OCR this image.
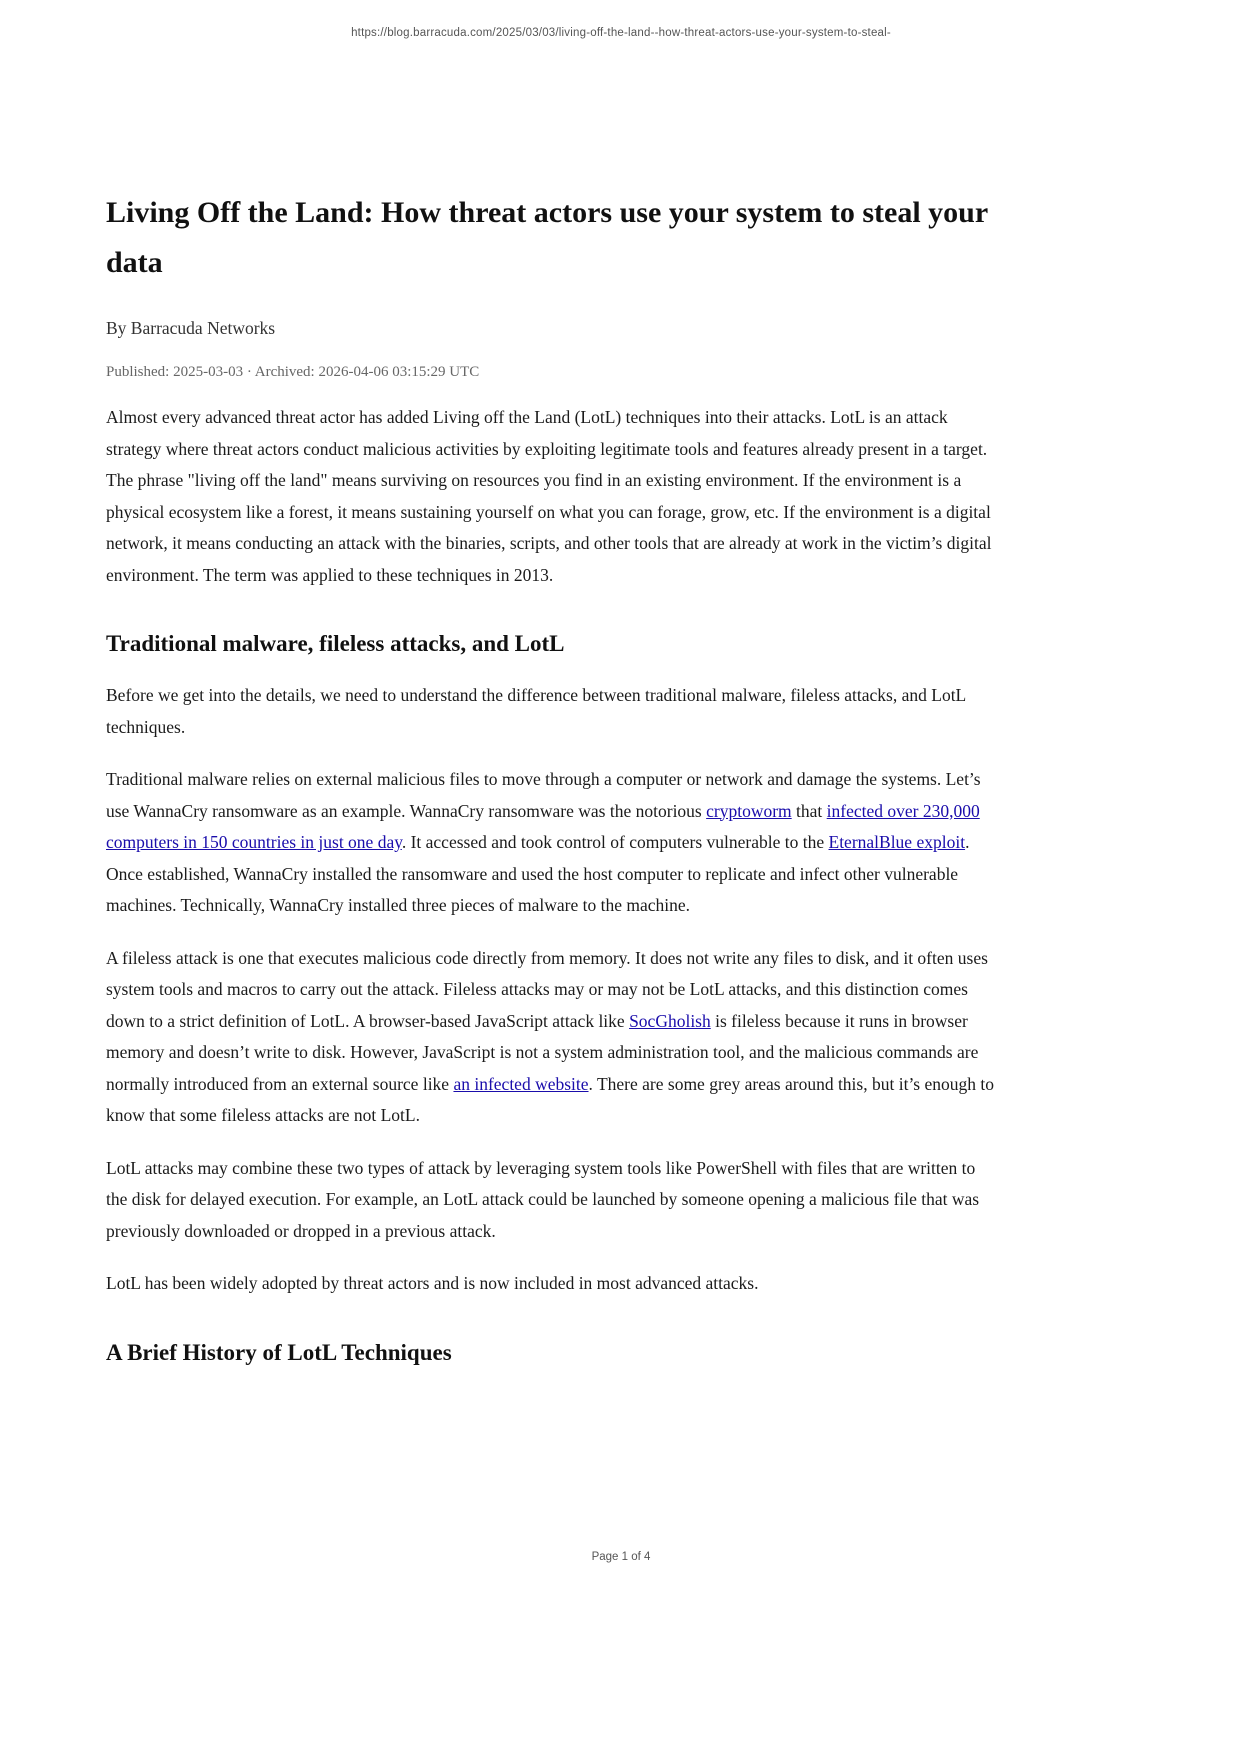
https://blog.barracuda.com/2025/03/03/living-off-the-land--how-threat-actors-use-your-system-to-steal-
Living Off the Land: How threat actors use your system to steal your data
By Barracuda Networks
Published: 2025-03-03 · Archived: 2026-04-06 03:15:29 UTC

Almost every advanced threat actor has added Living off the Land (LotL) techniques into their attacks. LotL is an attack strategy where threat actors conduct malicious activities by exploiting legitimate tools and features already present in a target. The phrase "living off the land" means surviving on resources you find in an existing environment. If the environment is a physical ecosystem like a forest, it means sustaining yourself on what you can forage, grow, etc. If the environment is a digital network, it means conducting an attack with the binaries, scripts, and other tools that are already at work in the victim’s digital environment. The term was applied to these techniques in 2013.

Traditional malware, fileless attacks, and LotL

Before we get into the details, we need to understand the difference between traditional malware, fileless attacks, and LotL techniques.

Traditional malware relies on external malicious files to move through a computer or network and damage the systems. Let’s use WannaCry ransomware as an example. WannaCry ransomware was the notorious cryptoworm that infected over 230,000 computers in 150 countries in just one day. It accessed and took control of computers vulnerable to the EternalBlue exploit. Once established, WannaCry installed the ransomware and used the host computer to replicate and infect other vulnerable machines. Technically, WannaCry installed three pieces of malware to the machine.

A fileless attack is one that executes malicious code directly from memory. It does not write any files to disk, and it often uses system tools and macros to carry out the attack. Fileless attacks may or may not be LotL attacks, and this distinction comes down to a strict definition of LotL. A browser-based JavaScript attack like SocGholish is fileless because it runs in browser memory and doesn’t write to disk. However, JavaScript is not a system administration tool, and the malicious commands are normally introduced from an external source like an infected website. There are some grey areas around this, but it’s enough to know that some fileless attacks are not LotL.

LotL attacks may combine these two types of attack by leveraging system tools like PowerShell with files that are written to the disk for delayed execution. For example, an LotL attack could be launched by someone opening a malicious file that was previously downloaded or dropped in a previous attack.

LotL has been widely adopted by threat actors and is now included in most advanced attacks.

A Brief History of LotL Techniques
Page 1 of 4
